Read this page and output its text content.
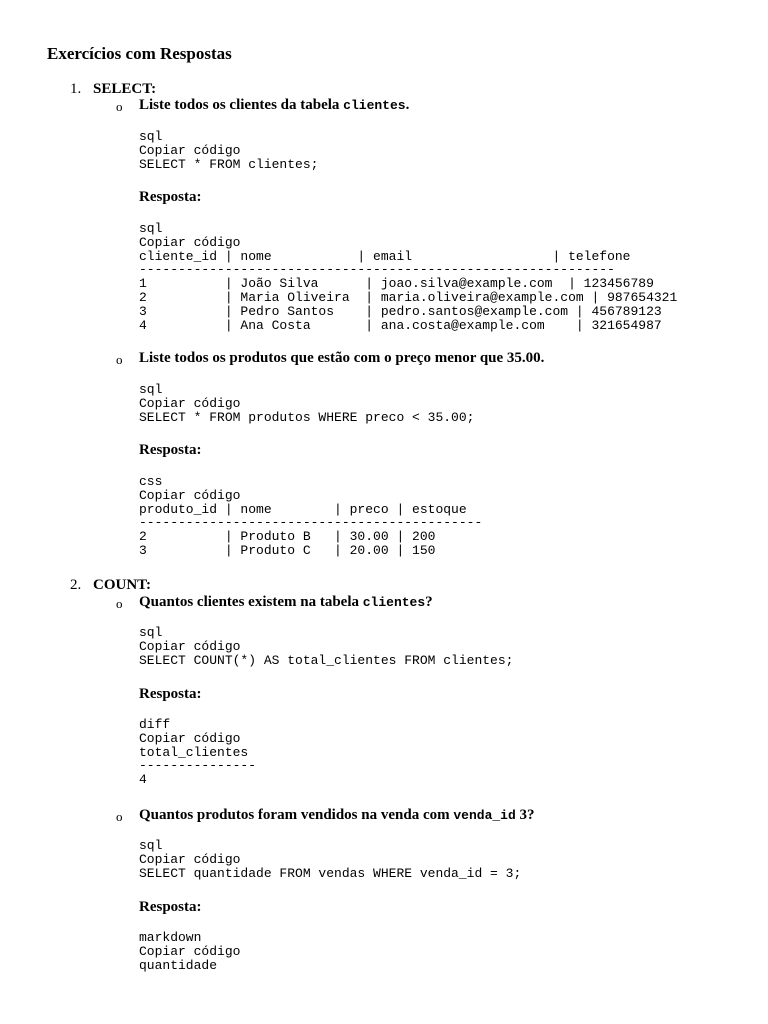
Exercícios com Respostas
1. SELECT:
o Liste todos os clientes da tabela clientes.
sql
Copiar código
SELECT * FROM clientes;
Resposta:
sql
Copiar código
cliente_id | nome           | email                  | telefone
-------------------------------------------------------------
1          | João Silva      | joao.silva@example.com  | 123456789
2          | Maria Oliveira  | maria.oliveira@example.com | 987654321
3          | Pedro Santos    | pedro.santos@example.com | 456789123
4          | Ana Costa       | ana.costa@example.com    | 321654987
o Liste todos os produtos que estão com o preço menor que 35.00.
sql
Copiar código
SELECT * FROM produtos WHERE preco < 35.00;
Resposta:
css
Copiar código
produto_id | nome        | preco | estoque
--------------------------------------------
2          | Produto B   | 30.00 | 200
3          | Produto C   | 20.00 | 150
2. COUNT:
o Quantos clientes existem na tabela clientes?
sql
Copiar código
SELECT COUNT(*) AS total_clientes FROM clientes;
Resposta:
diff
Copiar código
total_clientes
---------------
4
o Quantos produtos foram vendidos na venda com venda_id 3?
sql
Copiar código
SELECT quantidade FROM vendas WHERE venda_id = 3;
Resposta:
markdown
Copiar código
quantidade
